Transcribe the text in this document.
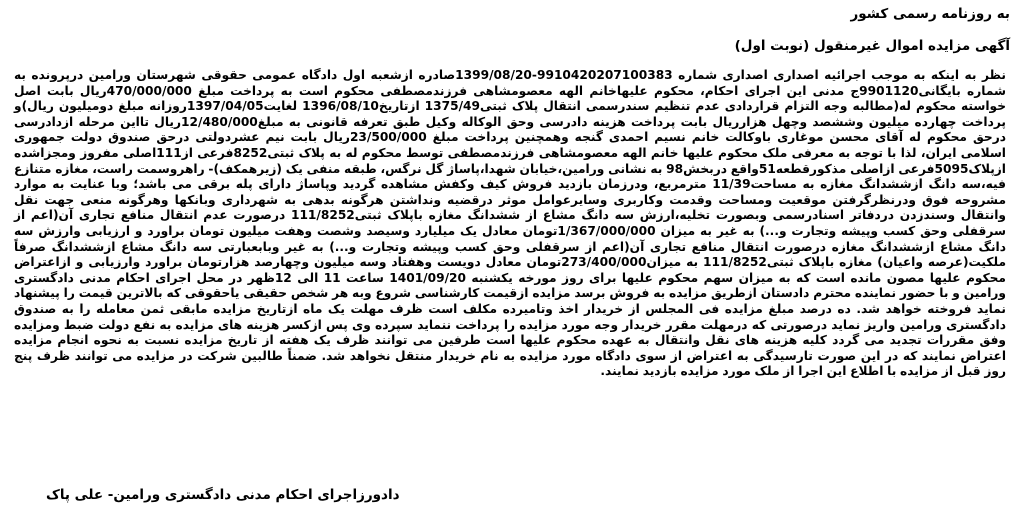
به روزنامه رسمی کشور
آگهی مزایده اموال غیرمنقول (نوبت اول)
نظر به اینکه به موجب اجرائیه اصداری اصداری شماره 9910420207100383-1399/08/20صادره ازشعبه اول دادگاه عمومی حقوقی شهرستان ورامین درپرونده به شماره بایگانی9901120ج مدنی این اجرای احکام، محکوم علیهاخانم الهه معصومشاهی فرزندمصطفی محکوم است به پرداخت مبلغ 470/000/000ریال بابت اصل خواسته محکوم له(مطالبه وجه التزام قراردادی عدم تنظیم سندرسمی انتقال پلاک ثبتی1375/49 ازتاریخ1396/08/10 لغایت1397/04/05روزانه مبلغ دومیلیون ریال)و پرداخت چهارده میلیون وششصد وچهل هزارریال بابت پرداخت هزینه دادرسی وحق الوکاله وکیل طبق تعرفه قانونی به مبلغ12/480/000ریال تااین مرحله ازدادرسی درحق محکوم له آقای محسن موغاری باوکالت خانم نسیم احمدی گنجه وهمچنین پرداخت مبلغ 23/500/000ریال بابت نیم عشردولتی درحق صندوق دولت جمهوری اسلامی ایران، لذا با توجه به معرفی ملک محکوم علیها خانم الهه معصومشاهی فرزندمصطفی توسط محکوم له به پلاک ثبتی8252فرعی از111اصلی مفروز ومجزاشده ازپلاک5095فرعی ازاصلی مذکورقطعه51واقع دربخش98 به نشانی ورامین،خیابان شهدا،پاساژ گل نرگس، طبقه منفی یک (زیرهمکف)- راهروسمت راست، مغازه متنازع فیه،سه دانگ ازششدانگ مغازه به مساحت11/39 مترمربع، ودرزمان بازدید فروش کیف وکفش مشاهده گردید وپاساژ دارای پله برقی می باشد؛ وبا عنایت به موارد مشروحه فوق ودرنظرگرفتن موقعیت ومساحت وقدمت وکاربری وسایرعوامل موثر درقضیه ونداشتن هرگونه بدهی به شهرداری وبانکها وهرگونه منعی جهت نقل وانتقال وسندزدن دردفاتر اسنادرسمی وبصورت تخلیه،ارزش سه دانگ مشاع از ششدانگ مغازه باپلاک ثبتی111/8252 درصورت عدم انتقال منافع تجاری آن(اعم از سرقفلی وحق کسب وپیشه وتجارت و...) به غیر به میزان 1/367/000/000تومان معادل یک میلیارد وسیصد وشصت وهفت میلیون تومان براورد و ارزیابی وارزش سه دانگ مشاع ازششدانگ مغازه درصورت انتقال منافع تجاری آن(اعم از سرقفلی وحق کسب وپیشه وتجارت و...) به غیر وبابعبارتی سه دانگ مشاع ازششدانگ صرفاً ملکیت(عرصه واعیان) مغازه باپلاک ثبتی111/8252 به میزان273/400/000تومان معادل دویست وهفتاد وسه میلیون وچهارصد هزارتومان براورد وارزیابی و ازاعتراض محکوم علیها مصون مانده است که به میزان سهم محکوم علیها برای روز مورخه یکشنبه 1401/09/20 ساعت 11 الی 12ظهر در محل اجرای احکام مدنی دادگستری ورامین و با حضور نماینده محترم دادستان ازطریق مزایده به فروش برسد مزایده ازقیمت کارشناسی شروع وبه هر شخص حقیقی یاحقوقی که بالاترین قیمت را پیشنهاد نماید فروخته خواهد شد. ده درصد مبلغ مزایده فی المجلس از خریدار اخذ وتامیرده مکلف است ظرف مهلت یک ماه ازتاریخ مزایده مابقی ثمن معامله را به صندوق دادگستری ورامین واریز نماید درصورتی که درمهلت مقرر خریدار وجه مورد مزایده را پرداخت ننماید سپرده وی پس ازکسر هزینه های مزایده به نفع دولت ضبط ومزایده وفق مقررات تجدید می گردد کلیه هزینه های نقل وانتقال به عهده محکوم علیها است طرفین می توانند ظرف یک هفته از تاریخ مزایده نسبت به نحوه انجام مزایده اعتراض نمایند که در این صورت تارسیدگی به اعتراض از سوی دادگاه مورد مزایده به نام خریدار منتقل نخواهد شد. ضمناً طالبین شرکت در مزایده می توانند ظرف پنج روز قبل از مزایده با اطلاع این اجرا از ملک مورد مزایده بازدید نمایند.
دادورزاجرای احکام مدنی دادگستری ورامین- علی پاک
